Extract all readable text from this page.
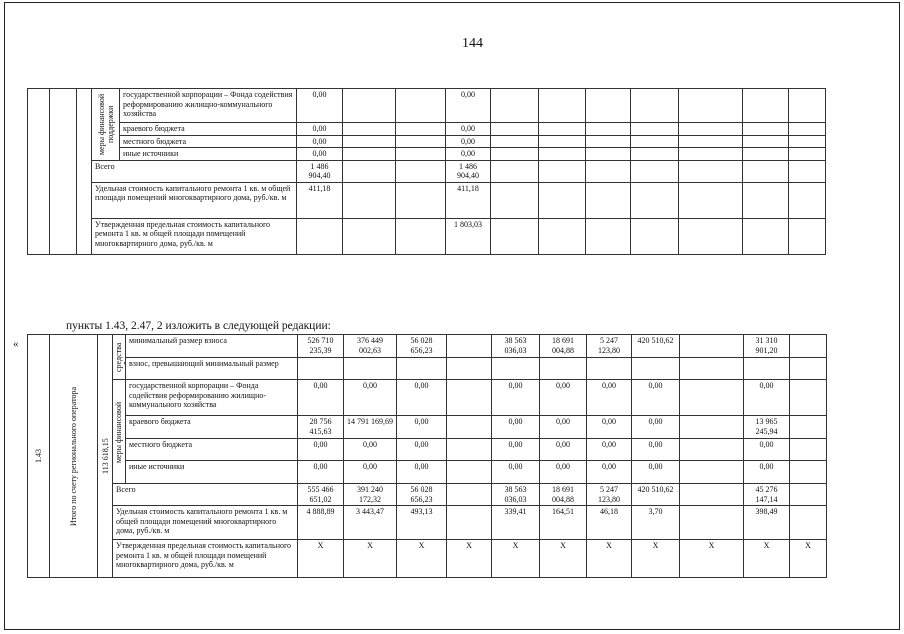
144

			меры финансовой поддержки	государственной корпорации – Фонда содействия реформированию жилищно-коммунального хозяйства	0,00			0,00							
				краевого бюджета	0,00			0,00							
				местного бюджета	0,00			0,00							
				иные источники	0,00			0,00							
			Всего		1 486 904,40			1 486 904,40							
			Удельная стоимость капитального ремонта 1 кв. м общей площади помещений многоквартирного дома, руб./кв. м		411,18			411,18							
			Утвержденная предельная стоимость капитального ремонта 1 кв. м общей площади помещений многоквартирного дома, руб./кв. м					1 803,03							
пункты 1.43, 2.47, 2 изложить в следующей редакции:
«
1.43	Итого по счету регионального оператора	113 618,15	средства собствен-ников	минимальный размер взноса	526 710 235,39	376 449 002,63	56 028 656,23		38 563 036,03	18 691 004,88	5 247 123,80	420 510,62		31 310 901,20	
				взнос, превышающий минимальный размер											

			меры финансовой поддержки	государственной корпорации – Фонда содействия реформированию жилищно-коммунального хозяйства	0,00	0,00	0,00		0,00	0,00	0,00	0,00		0,00	
				краевого бюджета	28 756 415,63	14 791 169,69	0,00		0,00	0,00	0,00	0,00		13 965 245,94	
				местного бюджета	0,00	0,00	0,00		0,00	0,00	0,00	0,00		0,00	
				иные источники	0,00	0,00	0,00		0,00	0,00	0,00	0,00		0,00	
			Всего		555 466 651,02	391 240 172,32	56 028 656,23		38 563 036,03	18 691 004,88	5 247 123,80	420 510,62		45 276 147,14	
			Удельная стоимость капитального ремонта 1 кв. м общей площади помещений многоквартирного дома, руб./кв. м		4 888,89	3 443,47	493,13		339,41	164,51	46,18	3,70		398,49	
			Утвержденная предельная стоимость капитального ремонта 1 кв. м общей площади помещений многоквартирного дома, руб./кв. м		X	X	X	X	X	X	X	X	X	X	X
